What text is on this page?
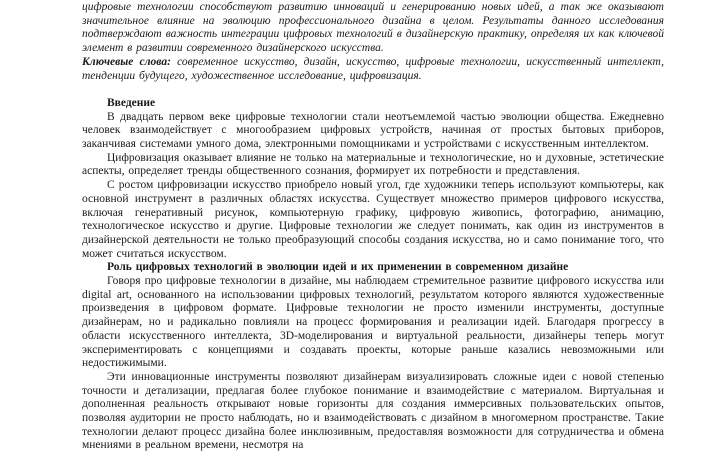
цифровые технологии способствуют развитию инноваций и генерированию новых идей, а так же оказывают значительное влияние на эволюцию профессионального дизайна в целом. Результаты данного исследования подтверждают важность интеграции цифровых технологий в дизайнерскую практику, определяя их как ключевой элемент в развитии современного дизайнерского искусства.

Ключевые слова: современное искусство, дизайн, искусство, цифровые технологии, искусственный интеллект, тенденции будущего, художественное исследование, цифровизация.

Введение

В двадцать первом веке цифровые технологии стали неотъемлемой частью эволюции общества. Ежедневно человек взаимодействует с многообразием цифровых устройств, начиная от простых бытовых приборов, заканчивая системами умного дома, электронными помощниками и устройствами с искусственным интеллектом.

Цифровизация оказывает влияние не только на материальные и технологические, но и духовные, эстетические аспекты, определяет тренды общественного сознания, формирует их потребности и представления.

С ростом цифровизации искусство приобрело новый угол, где художники теперь используют компьютеры, как основной инструмент в различных областях искусства. Существует множество примеров цифрового искусства, включая генеративный рисунок, компьютерную графику, цифровую живопись, фотографию, анимацию, технологическое искусство и другие. Цифровые технологии же следует понимать, как один из инструментов в дизайнерской деятельности не только преобразующий способы создания искусства, но и само понимание того, что может считаться искусством.

Роль цифровых технологий в эволюции идей и их применении в современном дизайне

Говоря про цифровые технологии в дизайне, мы наблюдаем стремительное развитие цифрового искусства или digital art, основанного на использовании цифровых технологий, результатом которого являются художественные произведения в цифровом формате. Цифровые технологии не просто изменили инструменты, доступные дизайнерам, но и радикально повлияли на процесс формирования и реализации идей. Благодаря прогрессу в области искусственного интеллекта, 3D-моделирования и виртуальной реальности, дизайнеры теперь могут экспериментировать с концепциями и создавать проекты, которые раньше казались невозможными или недостижимыми.

Эти инновационные инструменты позволяют дизайнерам визуализировать сложные идеи с новой степенью точности и детализации, предлагая более глубокое понимание и взаимодействие с материалом. Виртуальная и дополненная реальность открывают новые горизонты для создания иммерсивных пользовательских опытов, позволяя аудитории не просто наблюдать, но и взаимодействовать с дизайном в многомерном пространстве. Такие технологии делают процесс дизайна более инклюзивным, предоставляя возможности для сотрудничества и обмена мнениями в реальном времени, несмотря на
